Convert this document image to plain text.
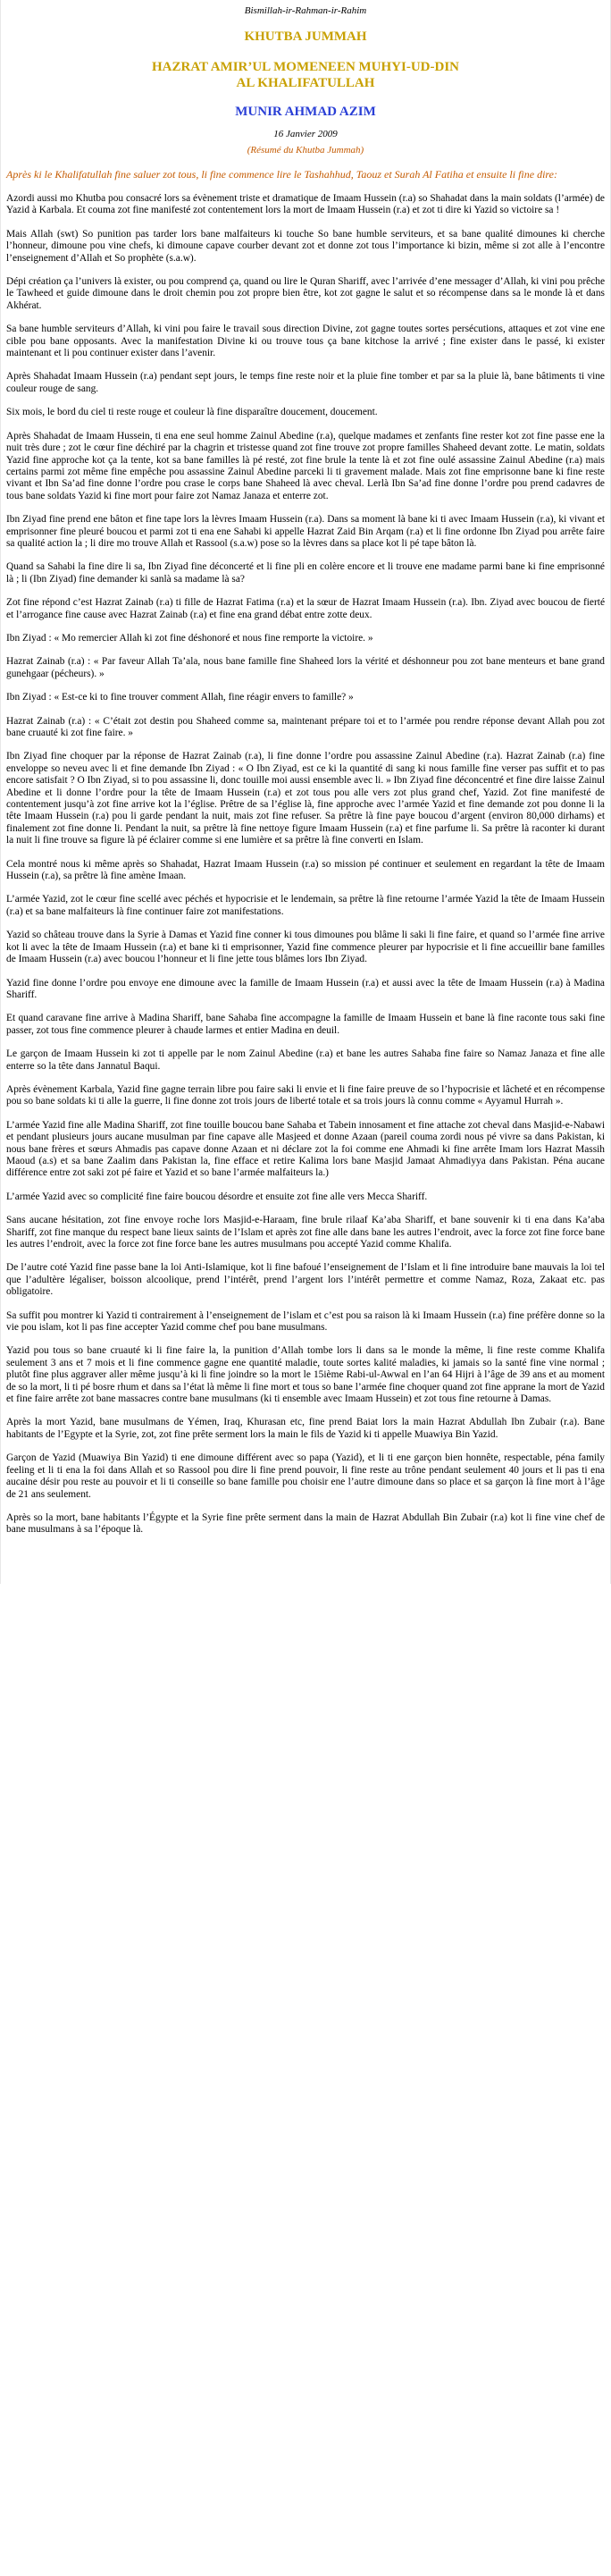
Bismillah-ir-Rahman-ir-Rahim
KHUTBA JUMMAH
HAZRAT AMIR’UL MOMENEEN MUHYI-UD-DIN
AL KHALIFATULLAH
MUNIR AHMAD AZIM
16 Janvier 2009
(Résumé du Khutba Jummah)

Après ki le Khalifatullah fine saluer zot tous, li fine commence lire le Tashahhud, Taouz et Surah Al Fatiha et ensuite li fine dire:

Azordi aussi mo Khutba pou consacré lors sa évènement triste et dramatique de Imaam Hussein (r.a) so Shahadat dans la main soldats (l’armée) de Yazid à Karbala. Et couma zot fine manifesté zot contentement lors la mort de Imaam Hussein (r.a) et zot ti dire ki Yazid so victoire sa !

Mais Allah (swt) So punition pas tarder lors bane malfaiteurs ki touche So bane humble serviteurs, et sa bane qualité dimounes ki cherche l’honneur, dimoune pou vine chefs, ki dimoune capave courber devant zot et donne zot tous l’importance ki bizin, même si zot alle à l’encontre l’enseignement d’Allah et So prophète (s.a.w).

Dépi création ça l’univers là exister, ou pou comprend ça, quand ou lire le Quran Shariff, avec l’arrivée d’ene messager d’Allah, ki vini pou prêche le Tawheed et guide dimoune dans le droit chemin pou zot propre bien être, kot zot gagne le salut et so récompense dans sa le monde là et dans Akhérat.

Sa bane humble serviteurs d’Allah, ki vini pou faire le travail sous direction Divine, zot gagne toutes sortes persécutions, attaques et zot vine ene cible pou bane opposants. Avec la manifestation Divine ki ou trouve tous ça bane kitchose la arrivé ; fine exister dans le passé, ki exister maintenant et li pou continuer exister dans l’avenir.

Après Shahadat Imaam Hussein (r.a) pendant sept jours, le temps fine reste noir et la pluie fine tomber et par sa la pluie là, bane bâtiments ti vine couleur rouge de sang.

Six mois, le bord du ciel ti reste rouge et couleur là fine disparaître doucement, doucement.

Après Shahadat de Imaam Hussein, ti ena ene seul homme Zainul Abedine (r.a), quelque madames et zenfants fine rester kot zot fine passe ene la nuit très dure ; zot le cœur fine déchiré par la chagrin et tristesse quand zot fine trouve zot propre familles Shaheed devant zotte. Le matin, soldats Yazid fine approche kot ça la tente, kot sa bane familles là pé resté, zot fine brule la tente là et zot fine oulé assassine Zainul Abedine (r.a) mais certains parmi zot même fine empêche pou assassine Zainul Abedine parceki li ti gravement malade. Mais zot fine emprisonne bane ki fine reste vivant et Ibn Sa’ad fine donne l’ordre pou crase le corps bane Shaheed là avec cheval. Lerlà Ibn Sa’ad fine donne l’ordre pou prend cadavres de tous bane soldats Yazid ki fine mort pour faire zot Namaz Janaza et enterre zot.

Ibn Ziyad fine prend ene bâton et fine tape lors la lèvres Imaam Hussein (r.a). Dans sa moment là bane ki ti avec Imaam Hussein (r.a), ki vivant et emprisonner fine pleuré boucou et parmi zot ti ena ene Sahabi ki appelle Hazrat Zaid Bin Arqam (r.a) et li fine ordonne Ibn Ziyad pou arrête faire sa qualité action la ; li dire mo trouve Allah et Rassool (s.a.w) pose so la lèvres dans sa place kot li pé tape bâton là.

Quand sa Sahabi la fine dire li sa, Ibn Ziyad fine déconcerté et li fine pli en colère encore et li trouve ene madame parmi bane ki fine emprisonné là ; li (Ibn Ziyad) fine demander ki sanlà sa madame là sa?

Zot fine répond c’est Hazrat Zainab (r.a) ti fille de Hazrat Fatima (r.a) et la sœur de Hazrat Imaam Hussein (r.a). Ibn. Ziyad avec boucou de fierté et l’arrogance fine cause avec Hazrat Zainab (r.a) et fine ena grand débat entre zotte deux.

Ibn Ziyad : « Mo remercier Allah ki zot fine déshonoré et nous fine remporte la victoire. »

Hazrat Zainab (r.a) : « Par faveur Allah Ta’ala, nous bane famille fine Shaheed lors la vérité et déshonneur pou zot bane menteurs et bane grand gunehgaar (pécheurs). »

Ibn Ziyad : « Est-ce ki to fine trouver comment Allah, fine réagir envers to famille? »

Hazrat Zainab (r.a) : « C’était zot destin pou Shaheed comme sa, maintenant prépare toi et to l’armée pou rendre réponse devant Allah pou zot bane cruauté ki zot fine faire. »

Ibn Ziyad fine choquer par la réponse de Hazrat Zainab (r.a), li fine donne l’ordre pou assassine Zainul Abedine (r.a). Hazrat Zainab (r.a) fine enveloppe so neveu avec li et fine demande Ibn Ziyad : « O Ibn Ziyad, est ce ki la quantité di sang ki nous famille fine verser pas suffit et to pas encore satisfait ? O Ibn Ziyad, si to pou assassine li, donc touille moi aussi ensemble avec li. » Ibn Ziyad fine déconcentré et fine dire laisse Zainul Abedine et li donne l’ordre pour la tête de Imaam Hussein (r.a) et zot tous pou alle vers zot plus grand chef, Yazid. Zot fine manifesté de contentement jusqu’à zot fine arrive kot la l’église. Prêtre de sa l’église là, fine approche avec l’armée Yazid et fine demande zot pou donne li la tête Imaam Hussein (r.a) pou li garde pendant la nuit, mais zot fine refuser. Sa prêtre là fine paye boucou d’argent (environ 80,000 dirhams) et finalement zot fine donne li. Pendant la nuit, sa prêtre là fine nettoye figure Imaam Hussein (r.a) et fine parfume li. Sa prêtre là raconter ki durant la nuit li fine trouve sa figure là pé éclairer comme si ene lumière et sa prêtre là fine converti en Islam.

Cela montré nous ki même après so Shahadat, Hazrat Imaam Hussein (r.a) so mission pé continuer et seulement en regardant la tête de Imaam Hussein (r.a), sa prêtre là fine amène Imaan.

L’armée Yazid, zot le cœur fine scellé avec péchés et hypocrisie et le lendemain, sa prêtre là fine retourne l’armée Yazid la tête de Imaam Hussein (r.a) et sa bane malfaiteurs là fine continuer faire zot manifestations.

Yazid so château trouve dans la Syrie à Damas et Yazid fine conner ki tous dimounes pou blâme li saki li fine faire, et quand so l’armée fine arrive kot li avec la tête de Imaam Hussein (r.a) et bane ki ti emprisonner, Yazid fine commence pleurer par hypocrisie et li fine accueillir bane familles de Imaam Hussein (r.a) avec boucou l’honneur et li fine jette tous blâmes lors Ibn Ziyad.

Yazid fine donne l’ordre pou envoye ene dimoune avec la famille de Imaam Hussein (r.a) et aussi avec la tête de Imaam Hussein (r.a) à Madina Shariff.

Et quand caravane fine arrive à Madina Shariff, bane Sahaba fine accompagne la famille de Imaam Hussein et bane là fine raconte tous saki fine passer, zot tous fine commence pleurer à chaude larmes et entier Madina en deuil.

Le garçon de Imaam Hussein ki zot ti appelle par le nom Zainul Abedine (r.a) et bane les autres Sahaba fine faire so Namaz Janaza et fine alle enterre so la tête dans Jannatul Baqui.

Après évènement Karbala, Yazid fine gagne terrain libre pou faire saki li envie et li fine faire preuve de so l’hypocrisie et lâcheté et en récompense pou so bane soldats ki ti alle la guerre, li fine donne zot trois jours de liberté totale et sa trois jours là connu comme « Ayyamul Hurrah ».

L’armée Yazid fine alle Madina Shariff, zot fine touille boucou bane Sahaba et Tabein innosament et fine attache zot cheval dans Masjid-e-Nabawi et pendant plusieurs jours aucane musulman par fine capave alle Masjeed et donne Azaan (pareil couma zordi nous pé vivre sa dans Pakistan, ki nous bane frères et sœurs Ahmadis pas capave donne Azaan et ni déclare zot la foi comme ene Ahmadi ki fine arrête Imam lors Hazrat Massih Maoud (a.s) et sa bane Zaalim dans Pakistan la, fine efface et retire Kalima lors bane Masjid Jamaat Ahmadiyya dans Pakistan. Péna aucane différence entre zot saki zot pé faire et Yazid et so bane l’armée malfaiteurs la.)

L’armée Yazid avec so complicité fine faire boucou désordre et ensuite zot fine alle vers Mecca Shariff.

Sans aucane hésitation, zot fine envoye roche lors Masjid-e-Haraam, fine brule rilaaf Ka’aba Shariff, et bane souvenir ki ti ena dans Ka’aba Shariff, zot fine manque du respect bane lieux saints de l’Islam et après zot fine alle dans bane les autres l’endroit, avec la force zot fine force bane les autres l’endroit, avec la force zot fine force bane les autres musulmans pou accepté Yazid comme Khalifa.

De l’autre coté Yazid fine passe bane la loi Anti-Islamique, kot li fine bafoué l’enseignement de l’Islam et li fine introduire bane mauvais la loi tel que l’adultère légaliser, boisson alcoolique, prend l’intérêt, prend l’argent lors l’intérêt permettre et comme Namaz, Roza, Zakaat etc. pas obligatoire.

Sa suffit pou montrer ki Yazid ti contrairement à l’enseignement de l’islam et c’est pou sa raison là ki Imaam Hussein (r.a) fine préfère donne so la vie pou islam, kot li pas fine accepter Yazid comme chef pou bane musulmans.

Yazid pou tous so bane cruauté ki li fine faire la, la punition d’Allah tombe lors li dans sa le monde la même, li fine reste comme Khalifa seulement 3 ans et 7 mois et li fine commence gagne ene quantité maladie, toute sortes kalité maladies, ki jamais so la santé fine vine normal ; plutôt fine plus aggraver aller même jusqu’à ki li fine joindre so la mort le 15ième Rabi-ul-Awwal en l’an 64 Hijri à l’âge de 39 ans et au moment de so la mort, li ti pé bosre rhum et dans sa l’état là même li fine mort et tous so bane l’armée fine choquer quand zot fine apprane la mort de Yazid et fine faire arrête zot bane massacres contre bane musulmans (ki ti ensemble avec Imaam Hussein) et zot tous fine retourne à Damas.

Après la mort Yazid, bane musulmans de Yémen, Iraq, Khurasan etc, fine prend Baiat lors la main Hazrat Abdullah Ibn Zubair (r.a). Bane habitants de l’Egypte et la Syrie, zot, zot fine prête serment lors la main le fils de Yazid ki ti appelle Muawiya Bin Yazid.

Garçon de Yazid (Muawiya Bin Yazid) ti ene dimoune différent avec so papa (Yazid), et li ti ene garçon bien honnête, respectable, péna family feeling et li ti ena la foi dans Allah et so Rassool pou dire li fine prend pouvoir, li fine reste au trône pendant seulement 40 jours et li pas ti ena aucaine désir pou reste au pouvoir et li ti conseille so bane famille pou choisir ene l’autre dimoune dans so place et sa garçon là fine mort à l’âge de 21 ans seulement.

Après so la mort, bane habitants l’Égypte et la Syrie fine prête serment dans la main de Hazrat Abdullah Bin Zubair (r.a) kot li fine vine chef de bane musulmans à sa l’époque là.
